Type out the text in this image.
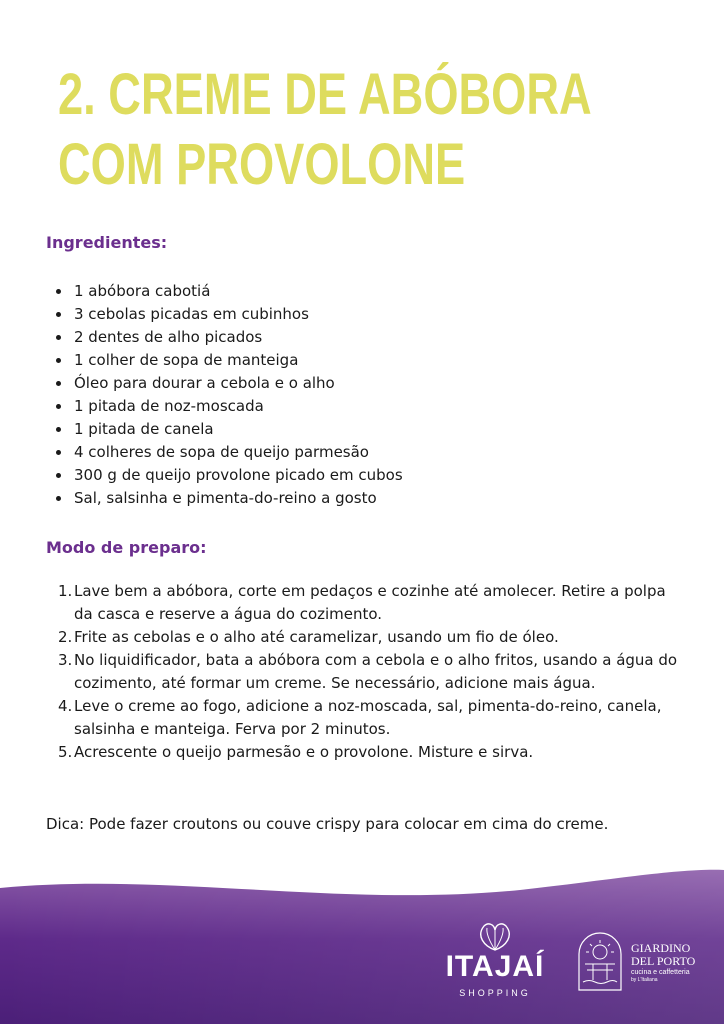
2. CREME DE ABÓBORA
COM PROVOLONE
Ingredientes:
1 abóbora cabotiá
3 cebolas picadas em cubinhos
2 dentes de alho picados
1 colher de sopa de manteiga
Óleo para dourar a cebola e o alho
1 pitada de noz-moscada
1 pitada de canela
4 colheres de sopa de queijo parmesão
300 g de queijo provolone picado em cubos
Sal, salsinha e pimenta-do-reino a gosto
Modo de preparo:
1. Lave bem a abóbora, corte em pedaços e cozinhe até amolecer. Retire a polpa da casca e reserve a água do cozimento.
2. Frite as cebolas e o alho até caramelizar, usando um fio de óleo.
3. No liquidificador, bata a abóbora com a cebola e o alho fritos, usando a água do cozimento, até formar um creme. Se necessário, adicione mais água.
4. Leve o creme ao fogo, adicione a noz-moscada, sal, pimenta-do-reino, canela, salsinha e manteiga. Ferva por 2 minutos.
5. Acrescente o queijo parmesão e o provolone. Misture e sirva.

Dica: Pode fazer croutons ou couve crispy para colocar em cima do creme.

ITAJAÍ
SHOPPING
GIARDINO
DEL PORTO
cucina e caffetteria
by L'Italiana
